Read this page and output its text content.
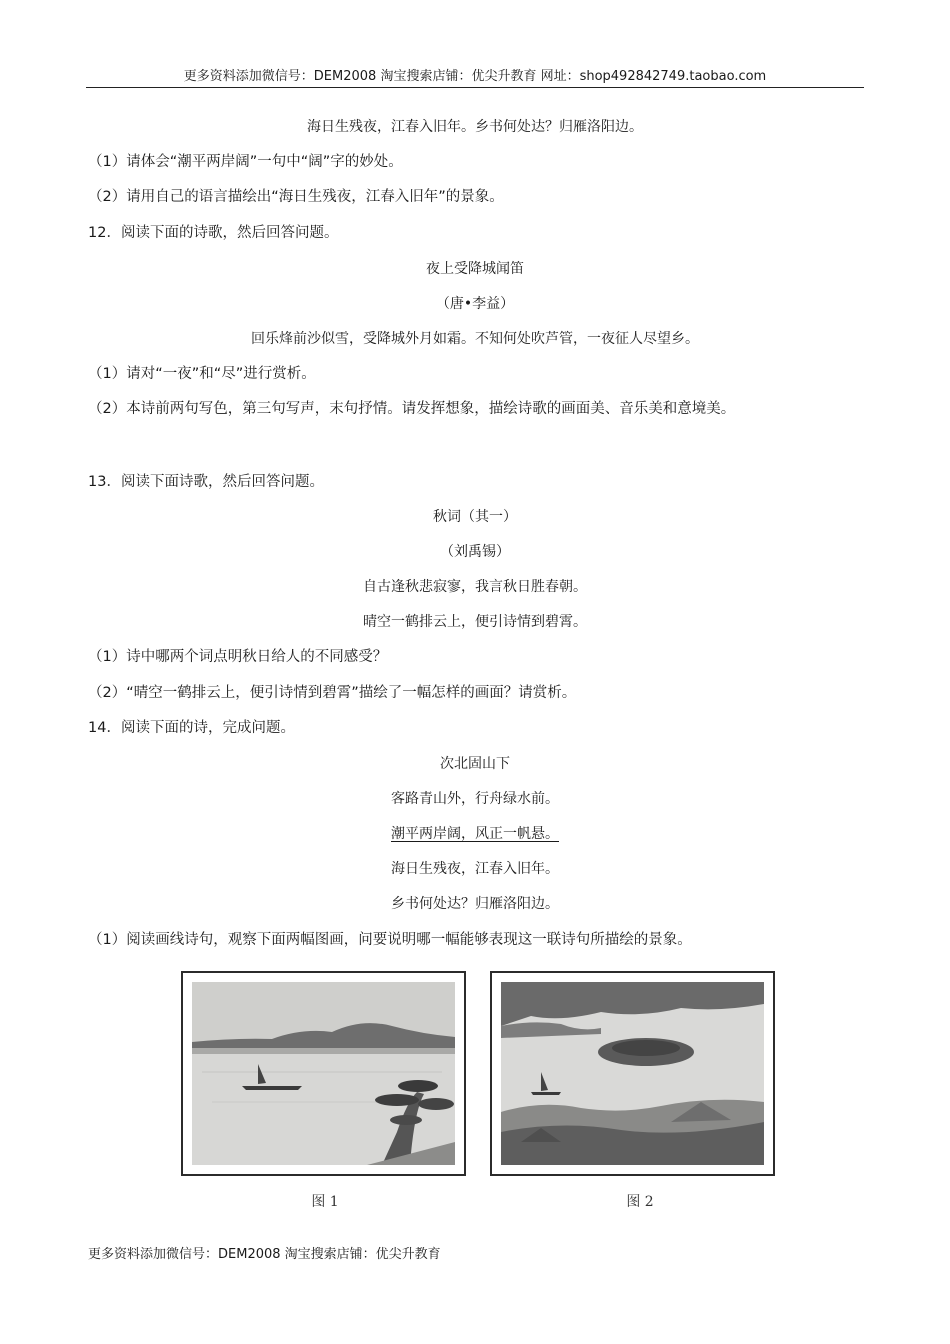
更多资料添加微信号：DEM2008 淘宝搜索店铺：优尖升教育 网址：shop492842749.taobao.com
海日生残夜，江春入旧年。乡书何处达？归雁洛阳边。
（1）请体会“潮平两岸阔”一句中“阔”字的妙处。
（2）请用自己的语言描绘出“海日生残夜，江春入旧年”的景象。
12．阅读下面的诗歌，然后回答问题。
夜上受降城闻笛
（唐•李益）
回乐烽前沙似雪，受降城外月如霜。不知何处吹芦管，一夜征人尽望乡。
（1）请对“一夜”和“尽”进行赏析。
（2）本诗前两句写色，第三句写声，末句抒情。请发挥想象，描绘诗歌的画面美、音乐美和意境美。
13．阅读下面诗歌，然后回答问题。
秋词（其一）
（刘禹锡）
自古逢秋悲寂寥，我言秋日胜春朝。
晴空一鹤排云上，便引诗情到碧霄。
（1）诗中哪两个词点明秋日给人的不同感受？
（2）“晴空一鹤排云上，便引诗情到碧霄”描绘了一幅怎样的画面？请赏析。
14．阅读下面的诗，完成问题。
次北固山下
客路青山外，行舟绿水前。
潮平两岸阔，风正一帆悬。
海日生残夜，江春入旧年。
乡书何处达？归雁洛阳边。
（1）阅读画线诗句，观察下面两幅图画，问要说明哪一幅能够表现这一联诗句所描绘的景象。
图 1	图 2
更多资料添加微信号：DEM2008 淘宝搜索店铺：优尖升教育
